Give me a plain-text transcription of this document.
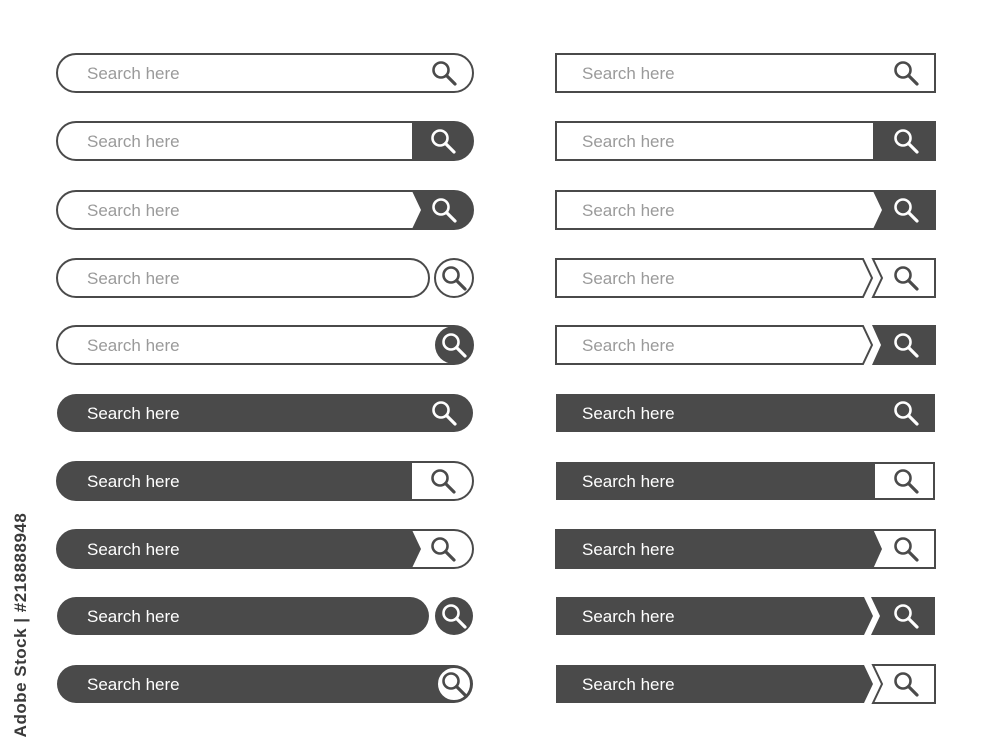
Search here
Search here
Search here
Search here
Search here
Search here
Search here
Search here
Search here
Search here
Search here
Search here
Search here
Search here
Search here
Search here
Search here
Search here
Search here
Search here
Adobe Stock | #218888948
